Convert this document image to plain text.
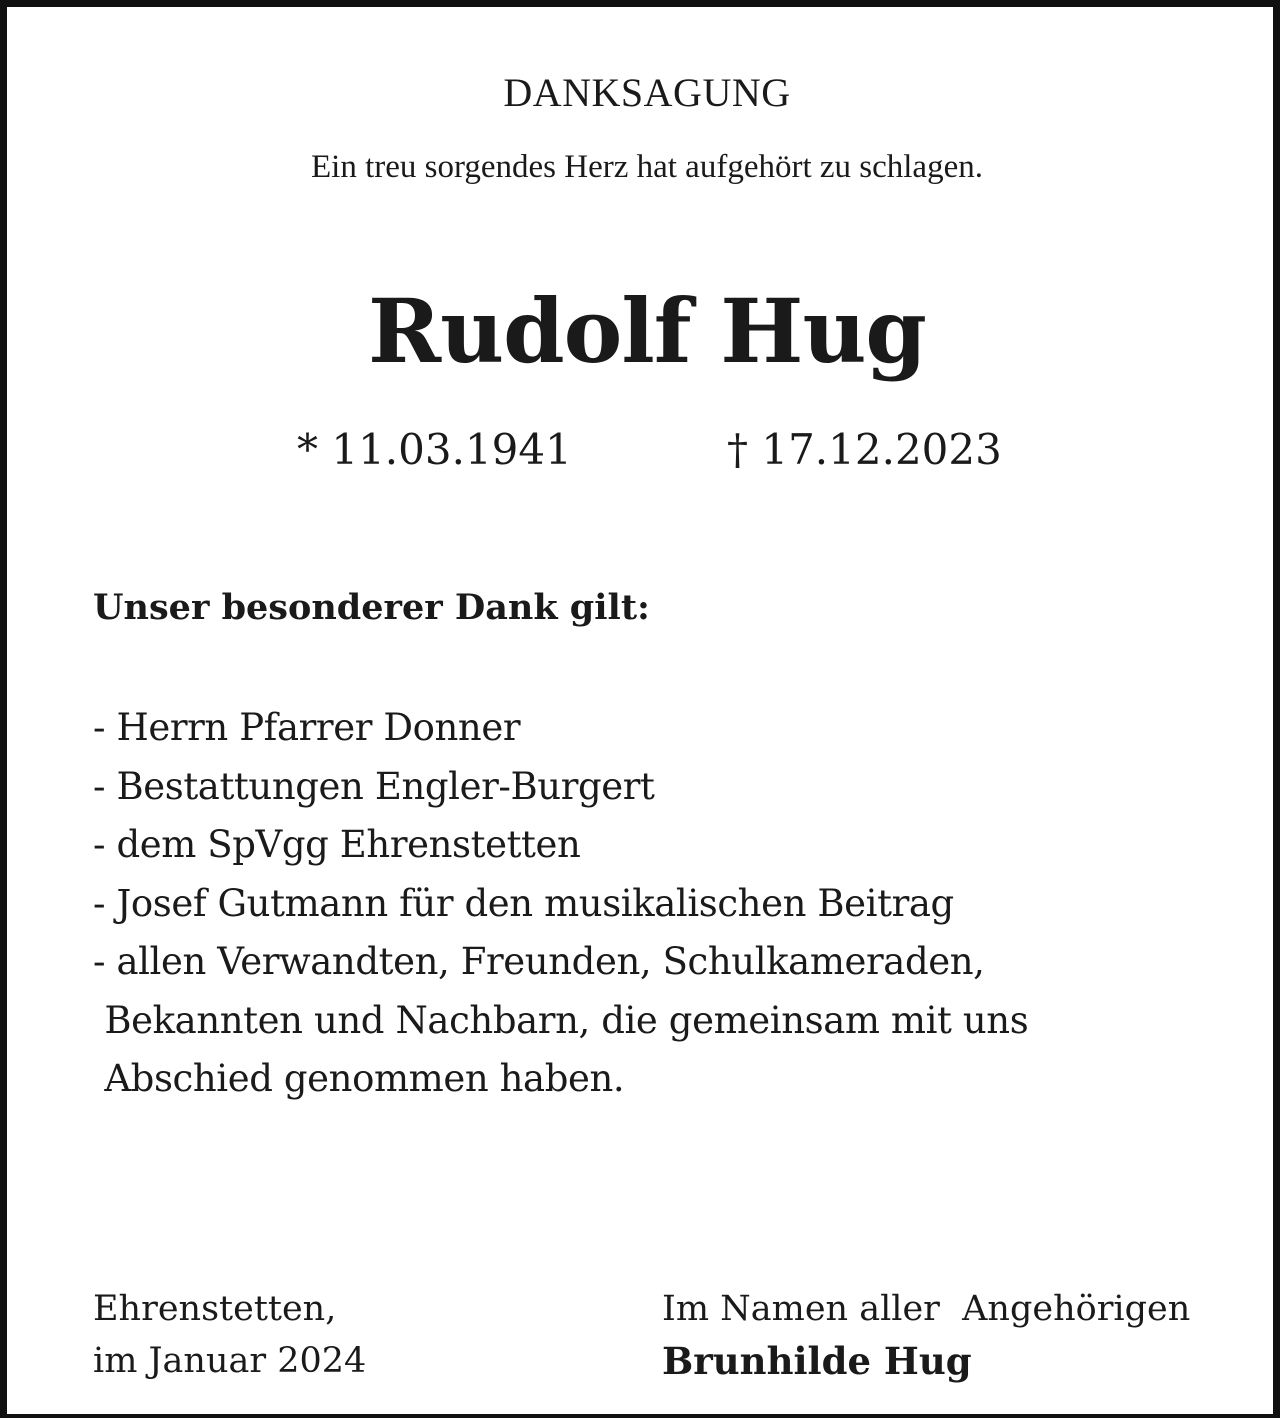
DANKSAGUNG
Ein treu sorgendes Herz hat aufgehört zu schlagen.
Rudolf Hug
* 11.03.1941	† 17.12.2023
Unser besonderer Dank gilt:
- Herrn Pfarrer Donner
- Bestattungen Engler-Burgert
- dem SpVgg Ehrenstetten
- Josef Gutmann für den musikalischen Beitrag
- allen Verwandten, Freunden, Schulkameraden,
Bekannten und Nachbarn, die gemeinsam mit uns
Abschied genommen haben.
Ehrenstetten,
im Januar 2024
Im Namen aller  Angehörigen
Brunhilde Hug
